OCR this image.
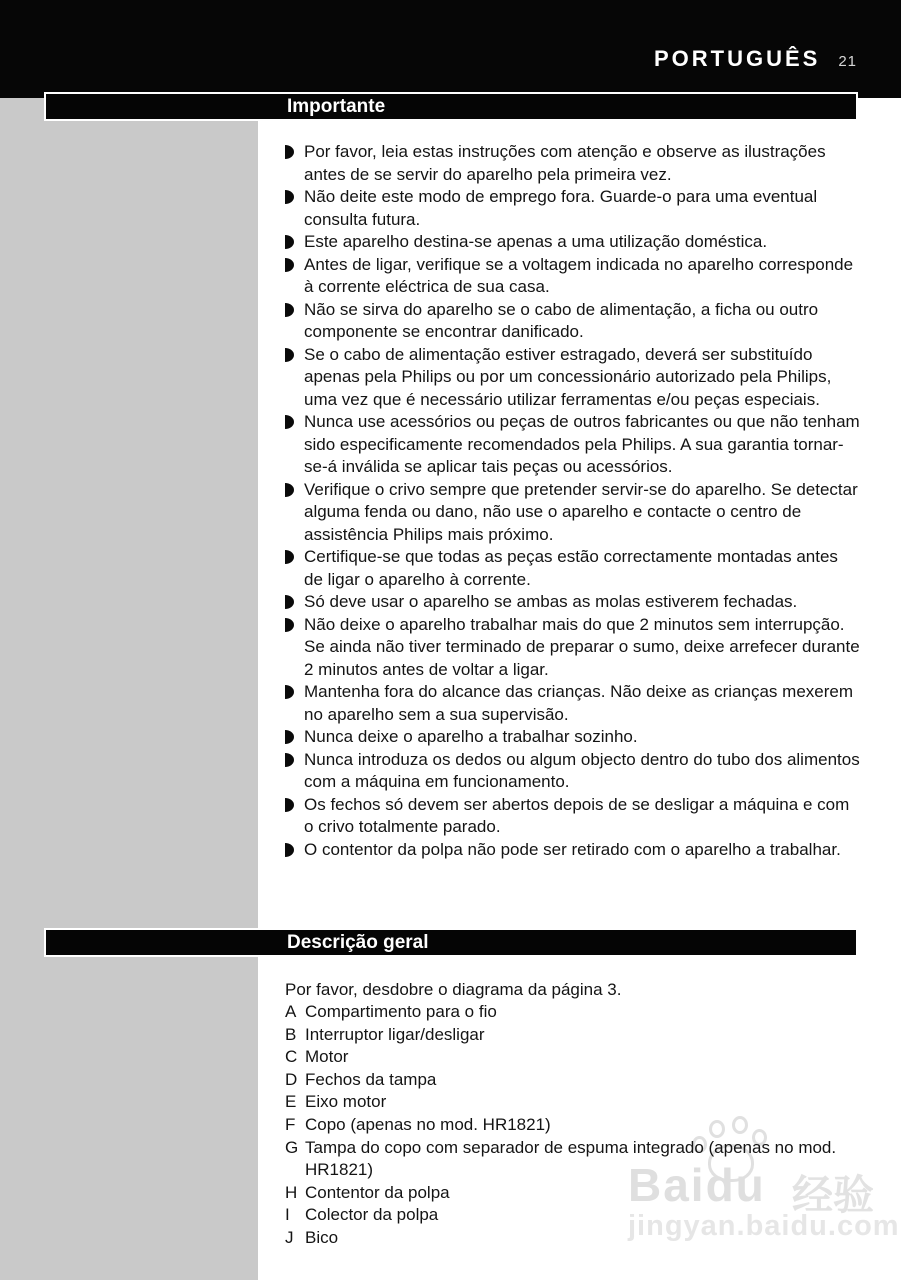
PORTUGUÊS 21
Baidu 经验
jingyan.baidu.com
Importante
Por favor, leia estas instruções com atenção e observe as ilustrações antes de se servir do aparelho pela primeira vez.
Não deite este modo de emprego fora. Guarde-o para uma eventual consulta futura.
Este aparelho destina-se apenas a uma utilização doméstica.
Antes de ligar, verifique se a voltagem indicada no aparelho corresponde à corrente eléctrica de sua casa.
Não se sirva do aparelho se o cabo de alimentação, a ficha ou outro componente se encontrar danificado.
Se o cabo de alimentação estiver estragado, deverá ser substituído apenas pela Philips ou por um concessionário autorizado pela Philips, uma vez que é necessário utilizar ferramentas e/ou peças especiais.
Nunca use acessórios ou peças de outros fabricantes ou que não tenham sido especificamente recomendados pela Philips. A sua garantia tornar-se-á inválida se aplicar tais peças ou acessórios.
Verifique o crivo sempre que pretender servir-se do aparelho. Se detectar alguma fenda ou dano, não use o aparelho e contacte o centro de assistência Philips mais próximo.
Certifique-se que todas as peças estão correctamente montadas antes de ligar o aparelho à corrente.
Só deve usar o aparelho se ambas as molas estiverem fechadas.
Não deixe o aparelho trabalhar mais do que 2 minutos sem interrupção. Se ainda não tiver terminado de preparar o sumo, deixe arrefecer durante 2 minutos antes de voltar a ligar.
Mantenha fora do alcance das crianças. Não deixe as crianças mexerem no aparelho sem a sua supervisão.
Nunca deixe o aparelho a trabalhar sozinho.
Nunca introduza os dedos ou algum objecto dentro do tubo dos alimentos com a máquina em funcionamento.
Os fechos só devem ser abertos depois de se desligar a máquina e com o crivo totalmente parado.
O contentor da polpa não pode ser retirado com o aparelho a trabalhar.
Descrição geral
Por favor, desdobre o diagrama da página 3.
A Compartimento para o fio
B Interruptor ligar/desligar
C Motor
D Fechos da tampa
E Eixo motor
F Copo (apenas no mod. HR1821)
G Tampa do copo com separador de espuma integrado (apenas no mod. HR1821)
H Contentor da polpa
I Colector da polpa
J Bico
